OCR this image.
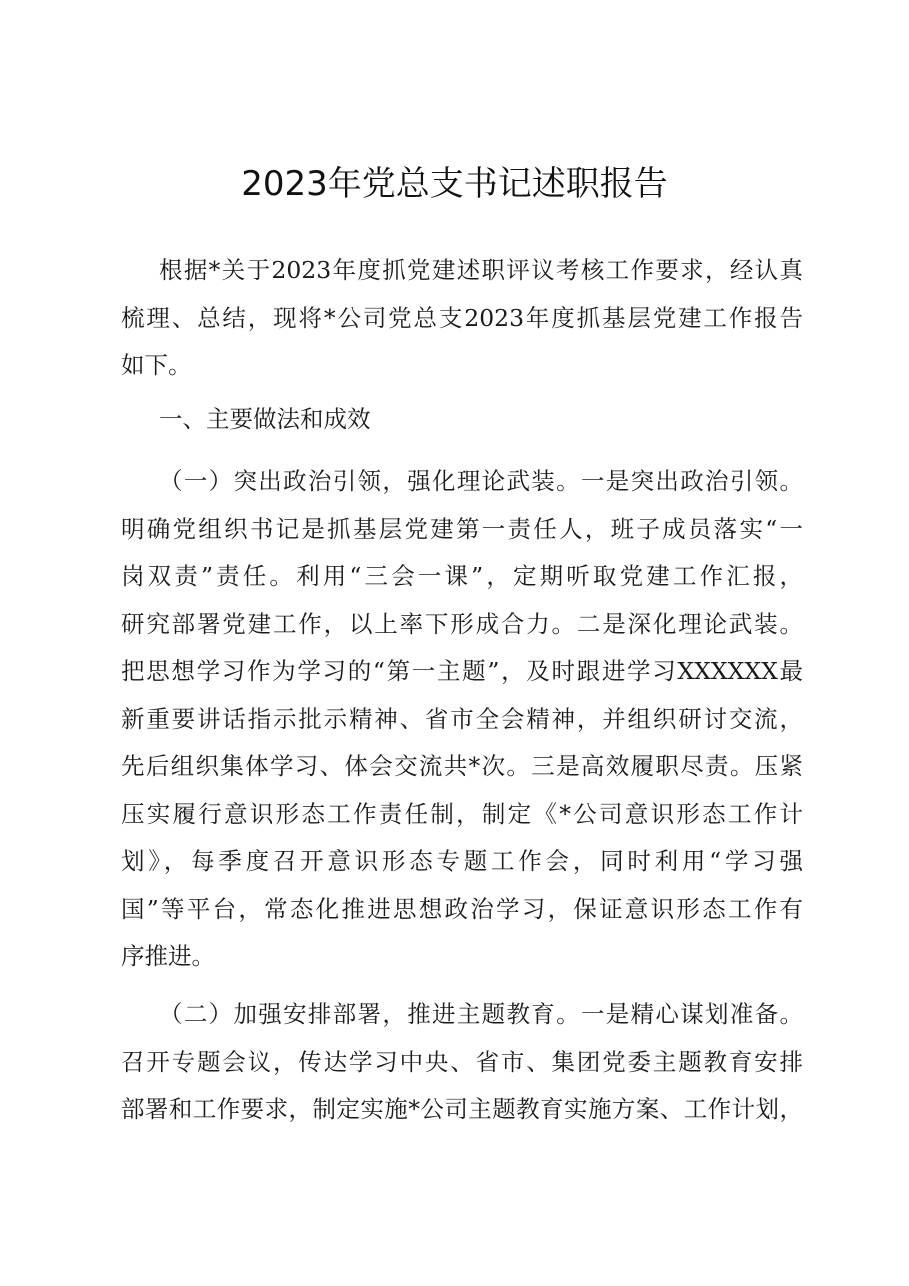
2023年党总支书记述职报告
根据*关于2023年度抓党建述职评议考核工作要求，经认真
梳理、总结，现将*公司党总支2023年度抓基层党建工作报告
如下。
一、主要做法和成效
（一）突出政治引领，强化理论武装。一是突出政治引领。
明确党组织书记是抓基层党建第一责任人，班子成员落实“一
岗双责”责任。利用“三会一课”，定期听取党建工作汇报，
研究部署党建工作，以上率下形成合力。二是深化理论武装。
把思想学习作为学习的“第一主题”，及时跟进学习XXXXXX最
新重要讲话指示批示精神、省市全会精神，并组织研讨交流，
先后组织集体学习、体会交流共*次。三是高效履职尽责。压紧
压实履行意识形态工作责任制，制定《*公司意识形态工作计
划》，每季度召开意识形态专题工作会，同时利用“学习强
国”等平台，常态化推进思想政治学习，保证意识形态工作有
序推进。
（二）加强安排部署，推进主题教育。一是精心谋划准备。
召开专题会议，传达学习中央、省市、集团党委主题教育安排
部署和工作要求，制定实施*公司主题教育实施方案、工作计划，
